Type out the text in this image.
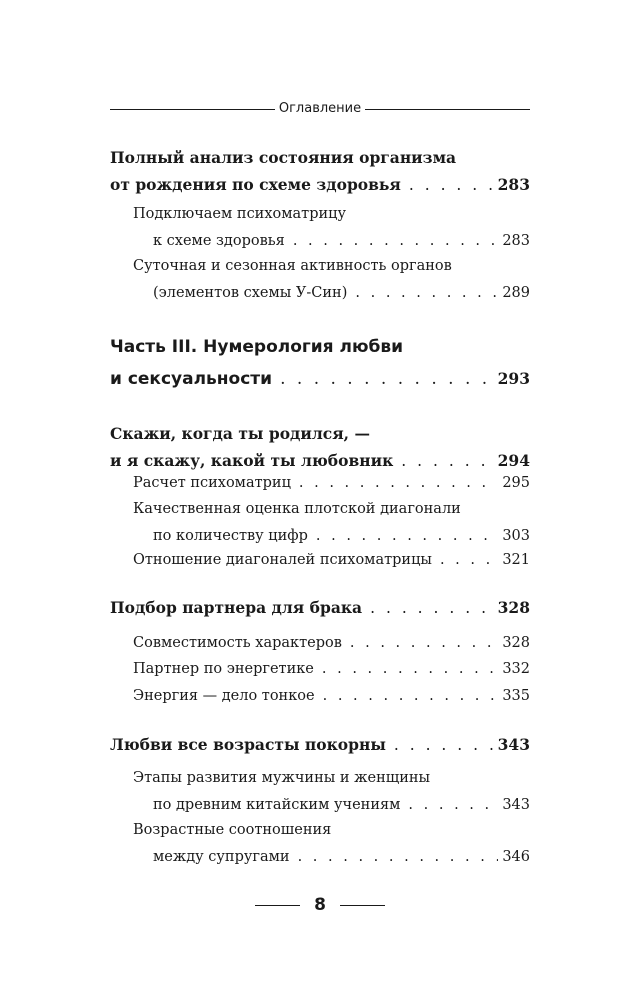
Оглавление
Полный анализ состояния организма
от рождения по схеме здоровья . . .	283
Подключаем психоматрицу
к схеме здоровья . . .	283
Суточная и сезонная активность органов
(элементов схемы У-Син) . . .	289
Часть III. Нумерология любви
и сексуальности . . .	293
Скажи, когда ты родился, —
и я скажу, какой ты любовник . . .	294
Расчет психоматриц . . .	295
Качественная оценка плотской диагонали
по количеству цифр . . .	303
Отношение диагоналей психоматрицы . . .	321
Подбор партнера для брака . . .	328
Совместимость характеров . . .	328
Партнер по энергетике . . .	332
Энергия — дело тонкое . . .	335
Любви все возрасты покорны . . .	343
Этапы развития мужчины и женщины
по древним китайским учениям . . .	343
Возрастные соотношения
между супругами . . .	346
8
